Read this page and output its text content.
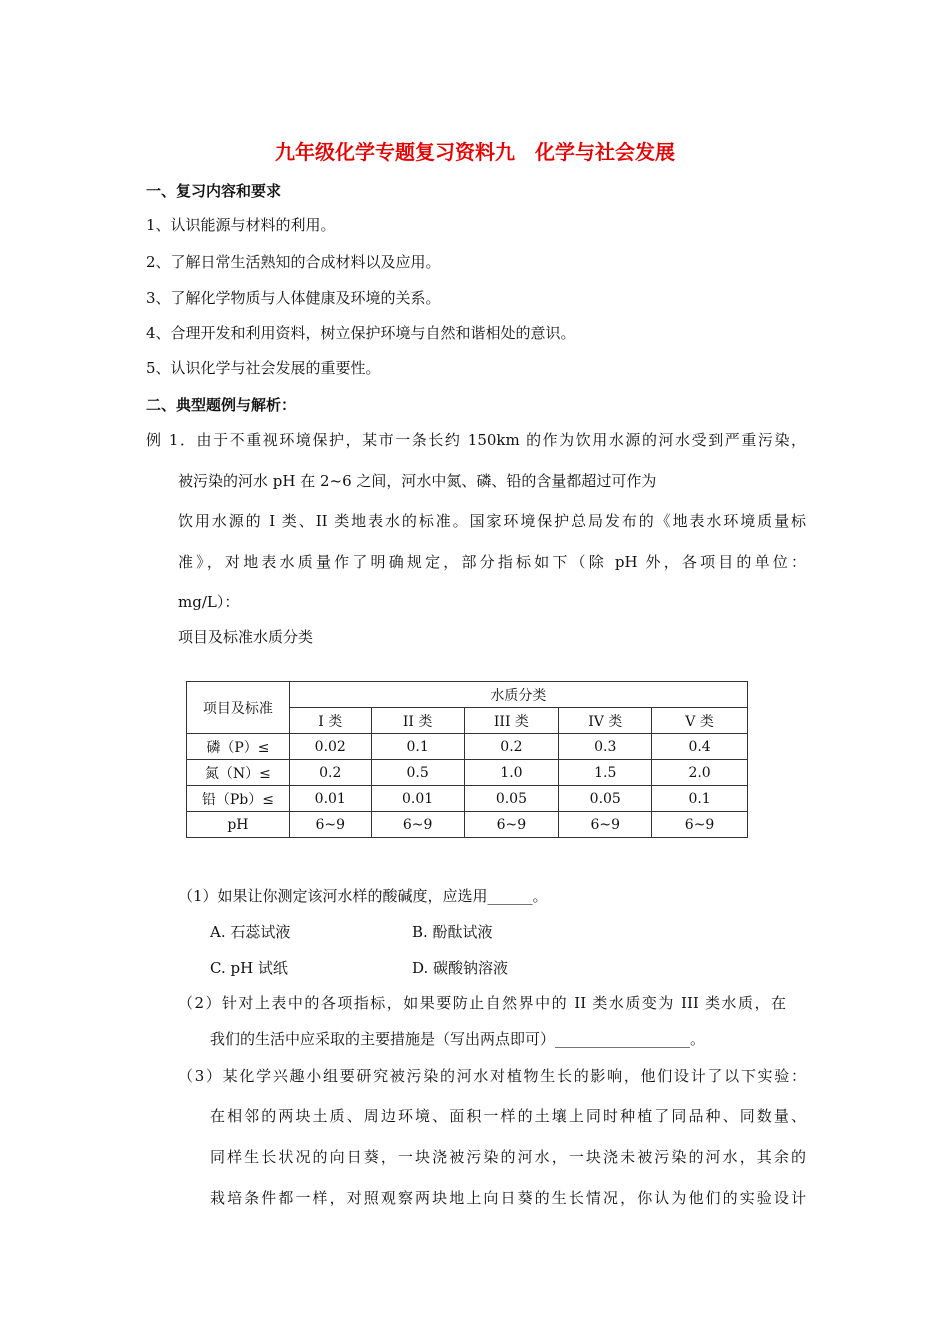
九年级化学专题复习资料九　化学与社会发展
一、复习内容和要求
1、认识能源与材料的利用。
2、了解日常生活熟知的合成材料以及应用。
3、了解化学物质与人体健康及环境的关系。
4、合理开发和利用资料，树立保护环境与自然和谐相处的意识。
5、认识化学与社会发展的重要性。
二、典型题例与解析：
例 1．由于不重视环境保护，某市一条长约 150km 的作为饮用水源的河水受到严重污染，
被污染的河水 pH 在 2~6 之间，河水中氮、磷、铅的含量都超过可作为
饮用水源的 I 类、II 类地表水的标准。国家环境保护总局发布的《地表水环境质量标
准》，对地表水质量作了明确规定，部分指标如下（除 pH 外，各项目的单位：
mg/L）：
项目及标准水质分类
项目及标准	水质分类				
	I 类	II 类	III 类	IV 类	V 类
磷（P）≤	0.02	0.1	0.2	0.3	0.4
氮（N）≤	0.2	0.5	1.0	1.5	2.0
铅（Pb）≤	0.01	0.01	0.05	0.05	0.1
pH	6~9	6~9	6~9	6~9	6~9
（1）如果让你测定该河水样的酸碱度，应选用______。
A. 石蕊试液	B. 酚酞试液
C. pH 试纸	D. 碳酸钠溶液
（2）针对上表中的各项指标，如果要防止自然界中的 II 类水质变为 III 类水质，在
我们的生活中应采取的主要措施是（写出两点即可）__________________。
（3）某化学兴趣小组要研究被污染的河水对植物生长的影响，他们设计了以下实验：
在相邻的两块土质、周边环境、面积一样的土壤上同时种植了同品种、同数量、
同样生长状况的向日葵，一块浇被污染的河水，一块浇未被污染的河水，其余的
栽培条件都一样，对照观察两块地上向日葵的生长情况，你认为他们的实验设计
